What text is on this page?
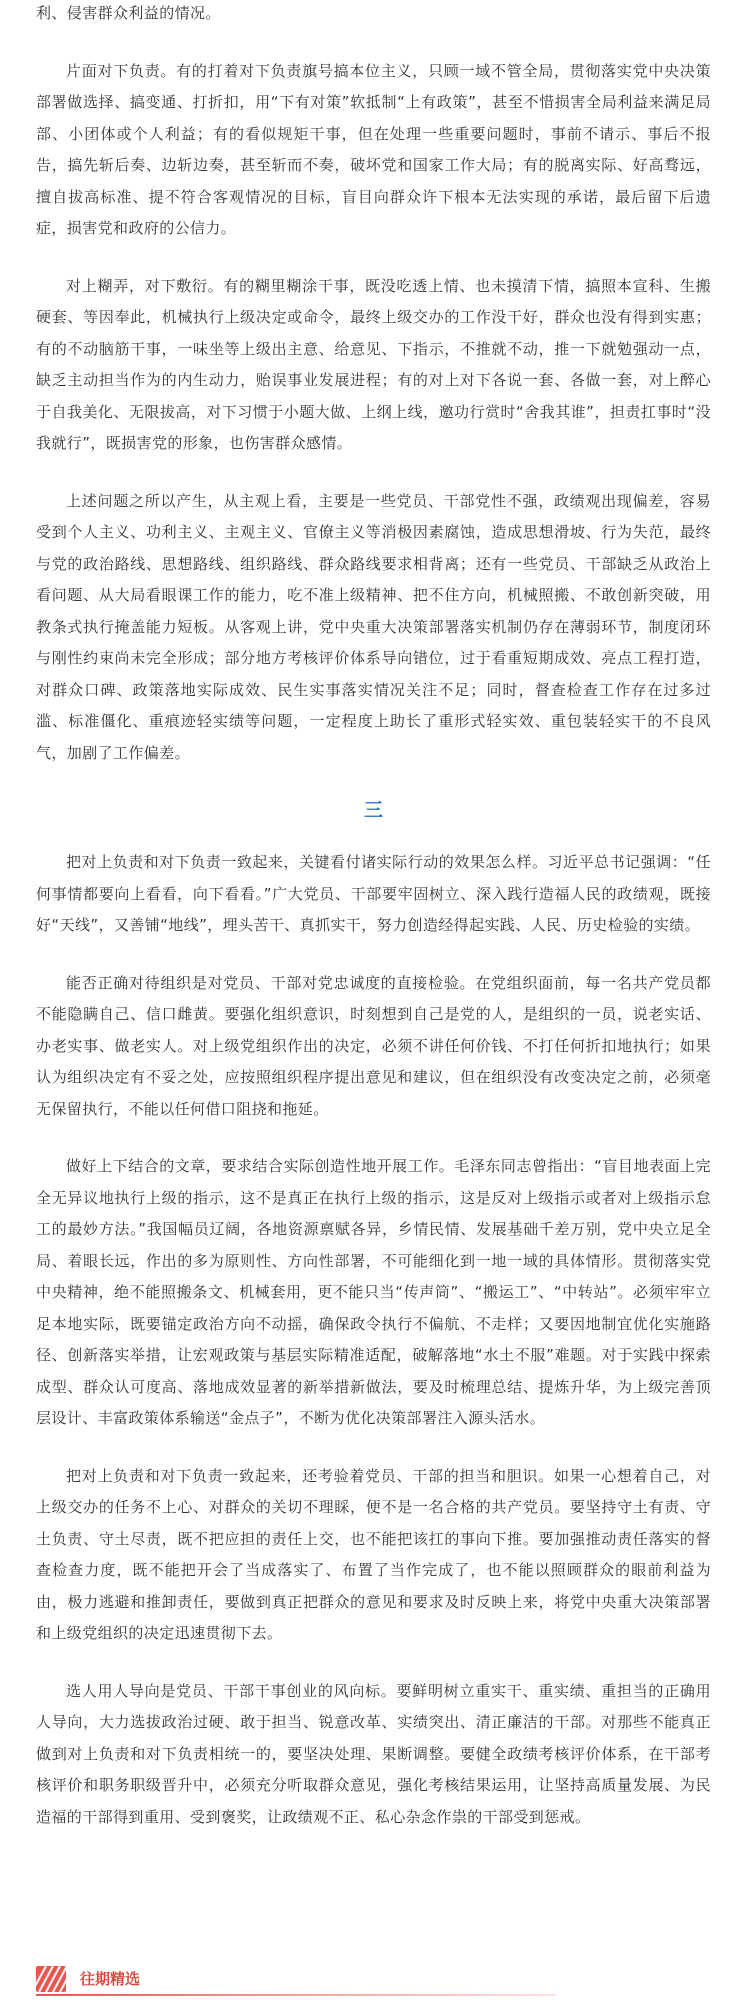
利、侵害群众利益的情况。

片面对下负责。有的打着对下负责旗号搞本位主义，只顾一域不管全局，贯彻落实党中央决策部署做选择、搞变通、打折扣，用“下有对策”软抵制“上有政策”，甚至不惜损害全局利益来满足局部、小团体或个人利益；有的看似规矩干事，但在处理一些重要问题时，事前不请示、事后不报告，搞先斩后奏、边斩边奏，甚至斩而不奏，破坏党和国家工作大局；有的脱离实际、好高骛远，擅自拔高标准、提不符合客观情况的目标，盲目向群众许下根本无法实现的承诺，最后留下后遗症，损害党和政府的公信力。

对上糊弄，对下敷衍。有的糊里糊涂干事，既没吃透上情、也未摸清下情，搞照本宣科、生搬硬套、等因奉此，机械执行上级决定或命令，最终上级交办的工作没干好，群众也没有得到实惠；有的不动脑筋干事，一味坐等上级出主意、给意见、下指示，不推就不动，推一下就勉强动一点，缺乏主动担当作为的内生动力，贻误事业发展进程；有的对上对下各说一套、各做一套，对上醉心于自我美化、无限拔高，对下习惯于小题大做、上纲上线，邀功行赏时“舍我其谁”，担责扛事时“没我就行”，既损害党的形象，也伤害群众感情。

上述问题之所以产生，从主观上看，主要是一些党员、干部党性不强，政绩观出现偏差，容易受到个人主义、功利主义、主观主义、官僚主义等消极因素腐蚀，造成思想滑坡、行为失范，最终与党的政治路线、思想路线、组织路线、群众路线要求相背离；还有一些党员、干部缺乏从政治上看问题、从大局看眼课工作的能力，吃不准上级精神、把不住方向，机械照搬、不敢创新突破，用教条式执行掩盖能力短板。从客观上讲，党中央重大决策部署落实机制仍存在薄弱环节，制度闭环与刚性约束尚未完全形成；部分地方考核评价体系导向错位，过于看重短期成效、亮点工程打造，对群众口碑、政策落地实际成效、民生实事落实情况关注不足；同时，督查检查工作存在过多过滥、标准僵化、重痕迹轻实绩等问题，一定程度上助长了重形式轻实效、重包装轻实干的不良风气，加剧了工作偏差。

三

把对上负责和对下负责一致起来，关键看付诸实际行动的效果怎么样。习近平总书记强调：“任何事情都要向上看看，向下看看。”广大党员、干部要牢固树立、深入践行造福人民的政绩观，既接好“天线”，又善铺“地线”，埋头苦干、真抓实干，努力创造经得起实践、人民、历史检验的实绩。

能否正确对待组织是对党员、干部对党忠诚度的直接检验。在党组织面前，每一名共产党员都不能隐瞒自己、信口雌黄。要强化组织意识，时刻想到自己是党的人，是组织的一员，说老实话、办老实事、做老实人。对上级党组织作出的决定，必须不讲任何价钱、不打任何折扣地执行；如果认为组织决定有不妥之处，应按照组织程序提出意见和建议，但在组织没有改变决定之前，必须毫无保留执行，不能以任何借口阻挠和拖延。

做好上下结合的文章，要求结合实际创造性地开展工作。毛泽东同志曾指出：“盲目地表面上完全无异议地执行上级的指示，这不是真正在执行上级的指示，这是反对上级指示或者对上级指示怠工的最妙方法。”我国幅员辽阔，各地资源禀赋各异，乡情民情、发展基础千差万别，党中央立足全局、着眼长远，作出的多为原则性、方向性部署，不可能细化到一地一域的具体情形。贯彻落实党中央精神，绝不能照搬条文、机械套用，更不能只当“传声筒”、“搬运工”、“中转站”。必须牢牢立足本地实际，既要锚定政治方向不动摇，确保政令执行不偏航、不走样；又要因地制宜优化实施路径、创新落实举措，让宏观政策与基层实际精准适配，破解落地“水土不服”难题。对于实践中探索成型、群众认可度高、落地成效显著的新举措新做法，要及时梳理总结、提炼升华，为上级完善顶层设计、丰富政策体系输送“金点子”，不断为优化决策部署注入源头活水。

把对上负责和对下负责一致起来，还考验着党员、干部的担当和胆识。如果一心想着自己，对上级交办的任务不上心、对群众的关切不理睬，便不是一名合格的共产党员。要坚持守土有责、守土负责、守土尽责，既不把应担的责任上交，也不能把该扛的事向下推。要加强推动责任落实的督查检查力度，既不能把开会了当成落实了、布置了当作完成了，也不能以照顾群众的眼前利益为由，极力逃避和推卸责任，要做到真正把群众的意见和要求及时反映上来，将党中央重大决策部署和上级党组织的决定迅速贯彻下去。

选人用人导向是党员、干部干事创业的风向标。要鲜明树立重实干、重实绩、重担当的正确用人导向，大力选拔政治过硬、敢于担当、锐意改革、实绩突出、清正廉洁的干部。对那些不能真正做到对上负责和对下负责相统一的，要坚决处理、果断调整。要健全政绩考核评价体系，在干部考核评价和职务职级晋升中，必须充分听取群众意见，强化考核结果运用，让坚持高质量发展、为民造福的干部得到重用、受到褒奖，让政绩观不正、私心杂念作祟的干部受到惩戒。

往期精选
